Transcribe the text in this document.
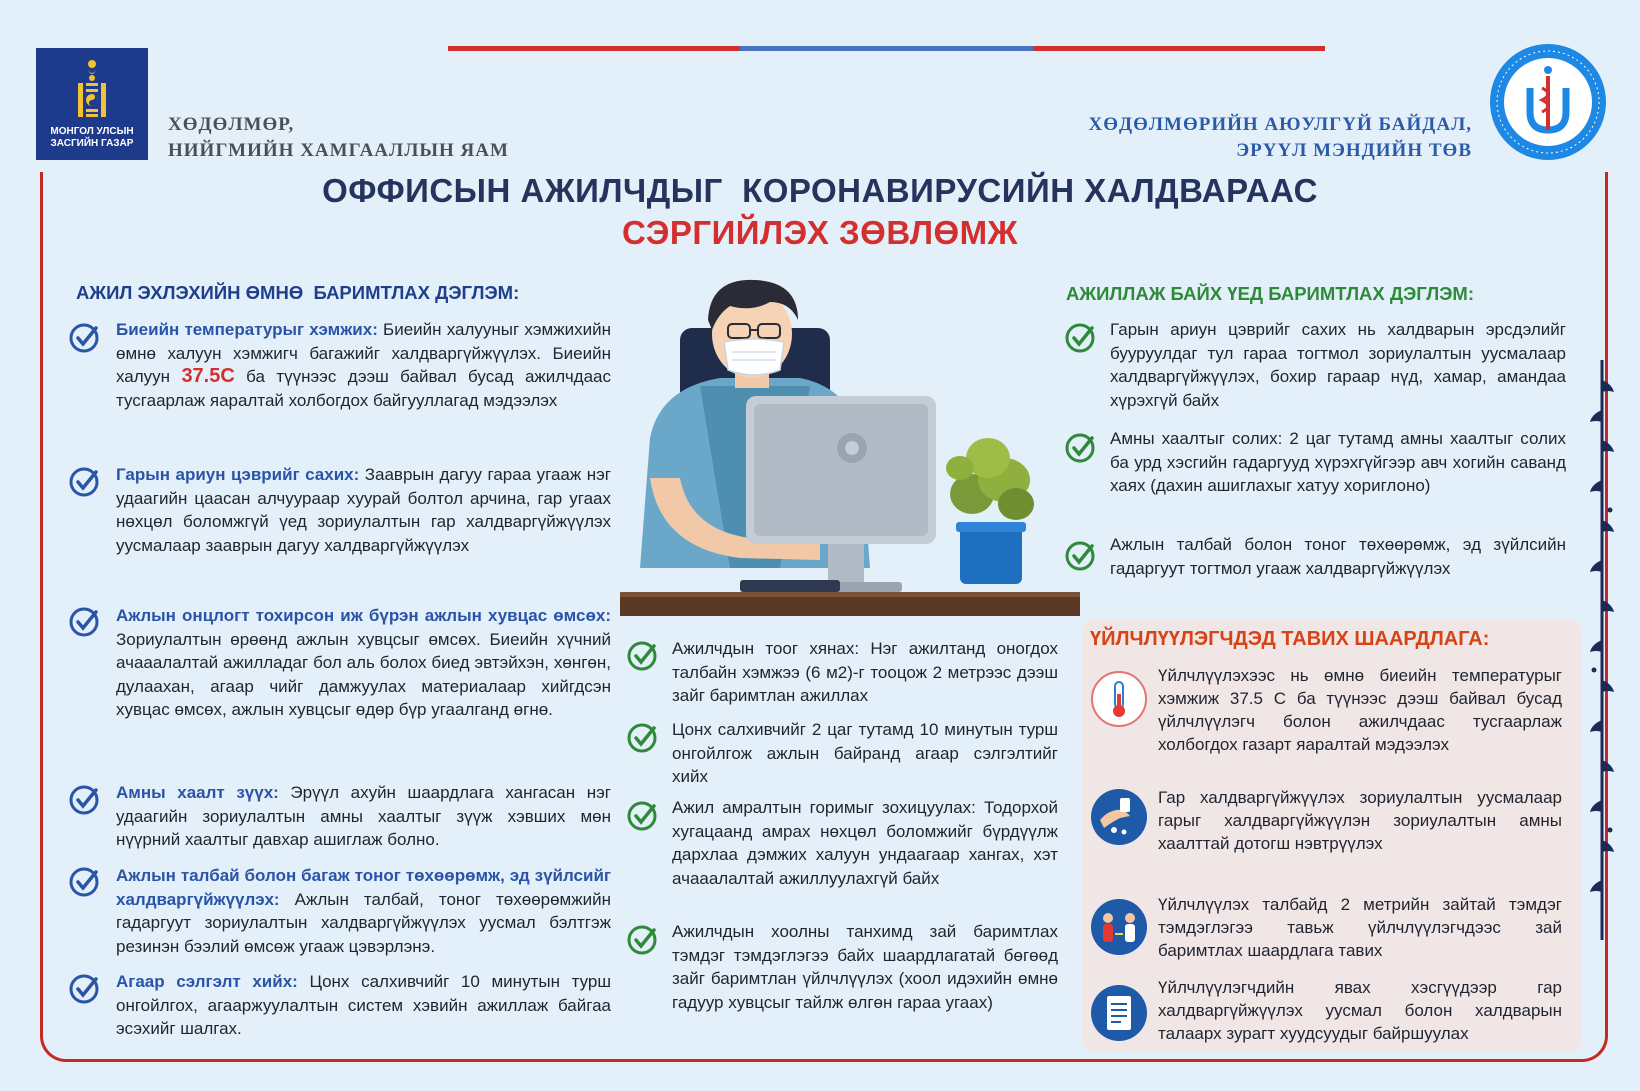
МОНГОЛ УЛСЫН ЗАСГИЙН ГАЗАР
ХӨДӨЛМӨР,
НИЙГМИЙН ХАМГААЛЛЫН ЯАМ
ХӨДӨЛМӨРИЙН АЮУЛГҮЙ БАЙДАЛ,
ЭРҮҮЛ МЭНДИЙН ТӨВ
ОФФИСЫН АЖИЛЧДЫГ  КОРОНАВИРУСИЙН ХАЛДВАРААС
СЭРГИЙЛЭХ ЗӨВЛӨМЖ
АЖИЛ ЭХЛЭХИЙН ӨМНӨ  БАРИМТЛАХ ДЭГЛЭМ:
Биеийн температурыг хэмжих: Биеийн халууныг хэмжихийн өмнө халуун хэмжигч багажийг халдваргүйжүүлэх. Биеийн халуун 37.5С ба түүнээс дээш байвал бусад ажилчдаас тусгаарлаж яаралтай холбогдох байгууллагад мэдээлэх
Гарын ариун цэврийг сахих: Зааврын дагуу гараа угааж нэг удаагийн цаасан алчуураар хуурай болтол арчина, гар угаах нөхцөл боломжгүй үед зориулалтын гар халдваргүйжүүлэх уусмалаар зааврын дагуу халдваргүйжүүлэх
Ажлын онцлогт тохирсон иж бүрэн ажлын хувцас өмсөх: Зориулалтын өрөөнд ажлын хувцсыг өмсөх. Биеийн хүчний ачааалалтай ажилладаг бол аль болох биед эвтэйхэн, хөнгөн, дулаахан, агаар чийг дамжуулах материалаар хийгдсэн хувцас өмсөх, ажлын хувцсыг өдөр бүр угаалганд өгнө.
Амны хаалт зүүх: Эрүүл ахуйн шаардлага хангасан нэг удаагийн зориулалтын амны хаалтыг зүүж хэвших мөн нүүрний хаалтыг давхар ашиглаж болно.
Ажлын талбай болон багаж тоног төхөөрөмж, эд зүйлсийг халдваргүйжүүлэх: Ажлын талбай, тоног төхөөрөмжийн гадаргуут зориулалтын халдваргүйжүүлэх уусмал бэлтгэж резинэн бээлий өмсөж угааж цэвэрлэнэ.
Агаар сэлгэлт хийх: Цонх салхивчийг 10 минутын турш онгойлгох, агааржуулалтын систем хэвийн ажиллаж байгаа эсэхийг шалгах.
Ажилчдын тоог хянах: Нэг ажилтанд оногдох талбайн хэмжээ (6 м2)-г тооцож 2 метрээс дээш зайг баримтлан ажиллах
Цонх салхивчийг 2 цаг тутамд 10 минутын турш онгойлгож ажлын байранд агаар сэлгэлтийг хийх
Ажил амралтын горимыг зохицуулах: Тодорхой хугацаанд амрах нөхцөл боломжийг бүрдүүлж дархлаа дэмжих халуун ундаагаар хангах, хэт ачааалалтай ажиллуулахгүй байх
Ажилчдын хоолны танхимд зай баримтлах тэмдэг тэмдэглэгээ байх шаардлагатай бөгөөд зайг баримтлан үйлчлүүлэх (хоол идэхийн өмнө гадуур хувцсыг тайлж өлгөн гараа угаах)
АЖИЛЛАЖ БАЙХ ҮЕД БАРИМТЛАХ ДЭГЛЭМ:
Гарын ариун цэврийг сахих нь халдварын эрсдэлийг бууруулдаг тул гараа тогтмол зориулалтын уусмалаар халдваргүйжүүлэх, бохир гараар нүд, хамар, амандаа хүрэхгүй байх
Амны хаалтыг солих: 2 цаг тутамд амны хаалтыг солих ба урд хэсгийн гадаргууд хүрэхгүйгээр авч хогийн саванд хаях (дахин ашиглахыг хатуу хориглоно)
Ажлын талбай болон тоног төхөөрөмж, эд зүйлсийн гадаргуут тогтмол угааж халдваргүйжүүлэх
ҮЙЛЧЛҮҮЛЭГЧДЭД ТАВИХ ШААРДЛАГА:
Үйлчлүүлэхээс нь өмнө биеийн температурыг хэмжиж 37.5 С ба түүнээс дээш байвал бусад үйлчлүүлэгч болон ажилчдаас тусгаарлаж холбогдох газарт яаралтай мэдээлэх
Гар халдваргүйжүүлэх зориулалтын уусмалаар гарыг халдваргүйжүүлэн зориулалтын амны хаалттай дотогш нэвтрүүлэх
Үйлчлүүлэх талбайд 2 метрийн зайтай тэмдэг тэмдэглэгээ тавьж үйлчлүүлэгчдээс зай баримтлах шаардлага тавих
Үйлчлүүлэгчдийн явах хэсгүүдээр гар халдваргүйжүүлэх уусмал болон халдварын талаарх зурагт хуудсуудыг байршуулах
